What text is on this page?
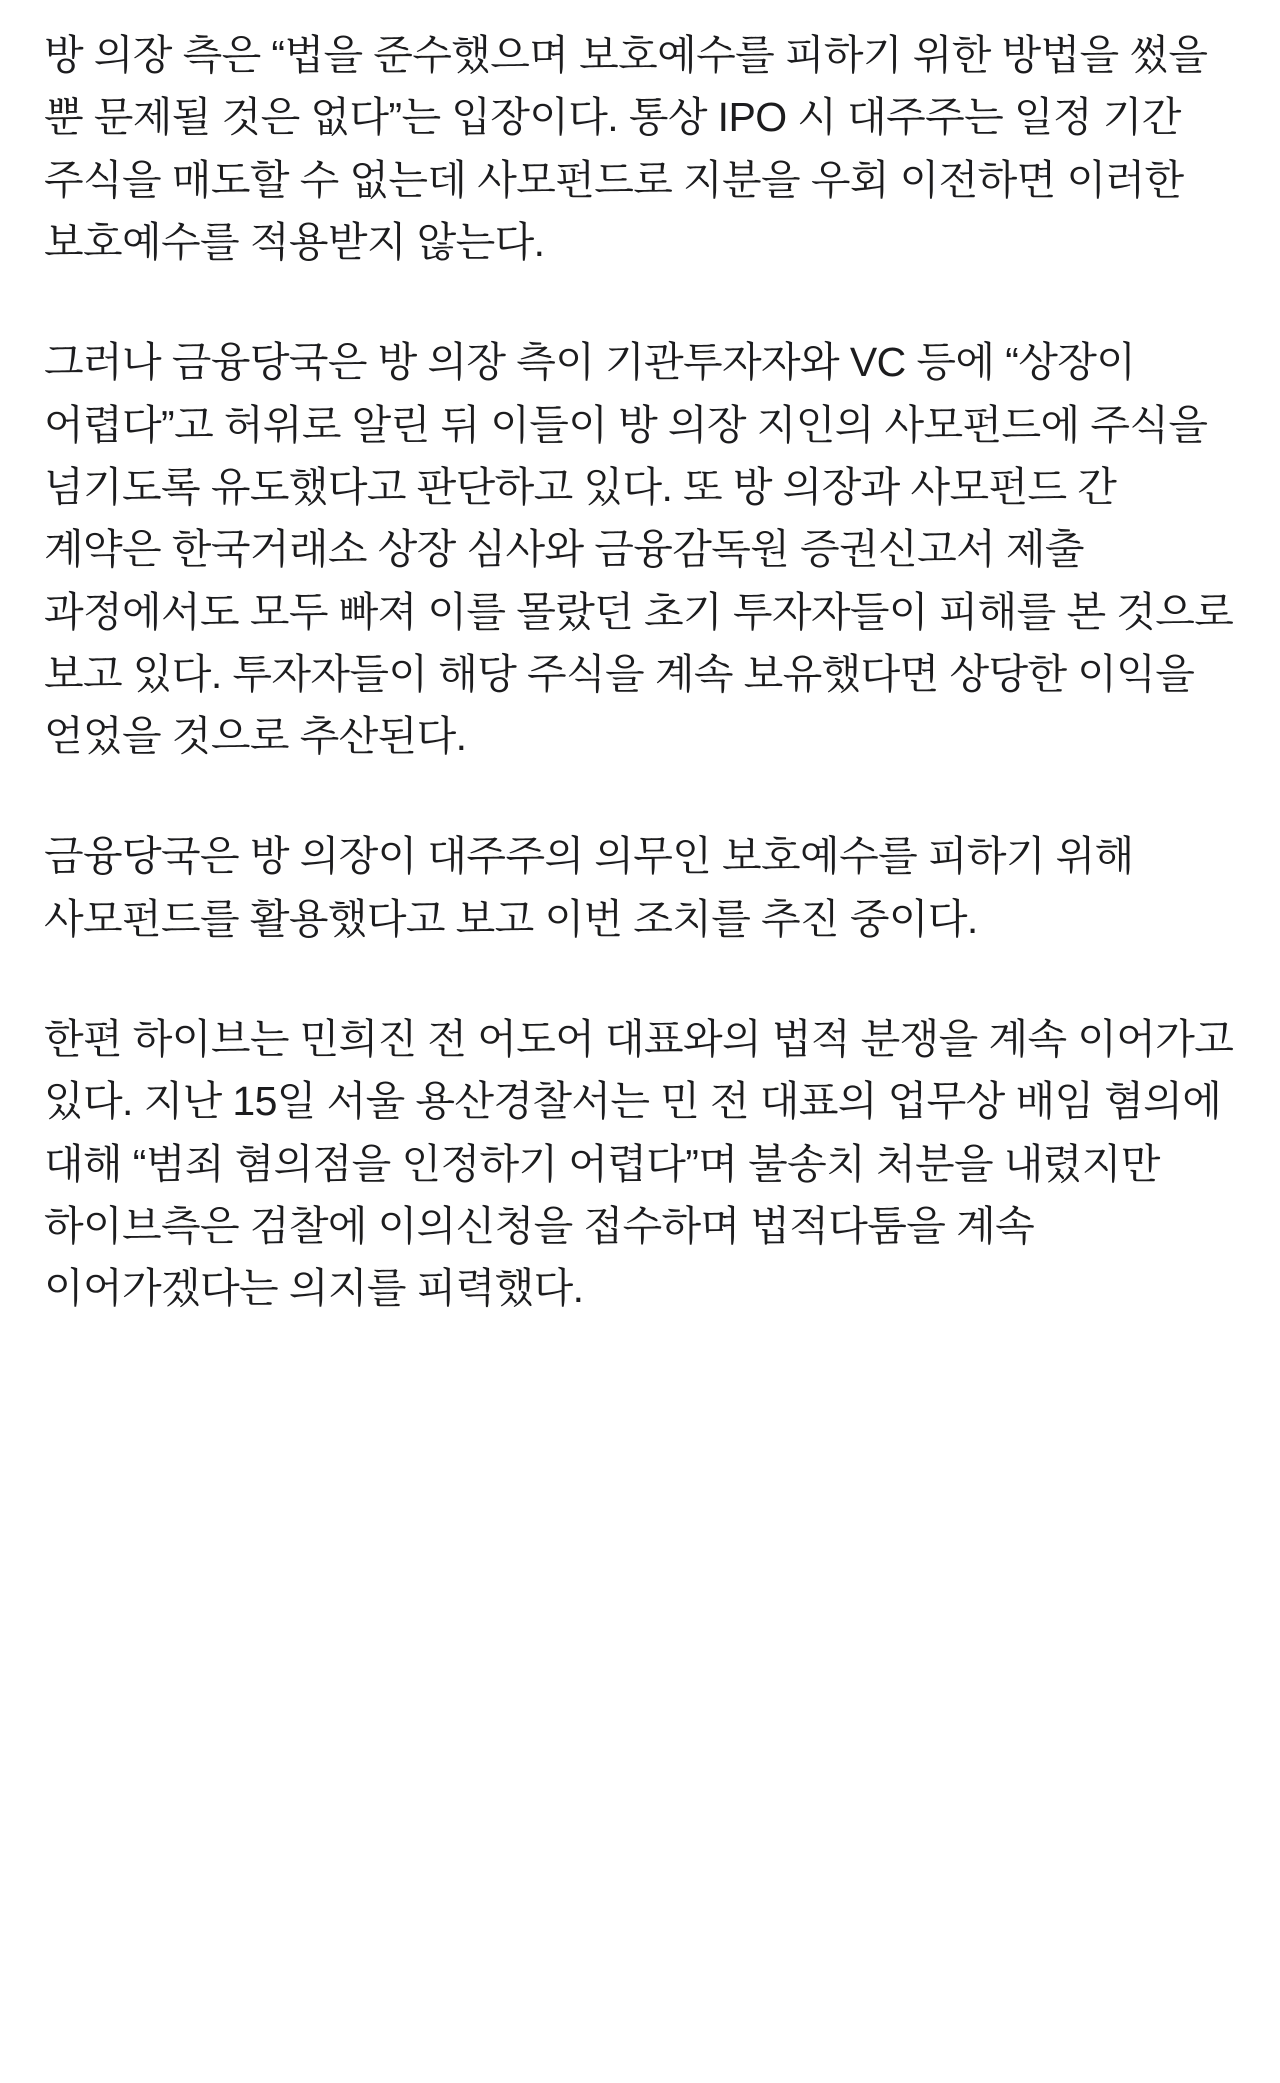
방 의장 측은 “법을 준수했으며 보호예수를 피하기 위한 방법을 썼을 뿐 문제될 것은 없다”는 입장이다. 통상 IPO 시 대주주는 일정 기간 주식을 매도할 수 없는데 사모펀드로 지분을 우회 이전하면 이러한 보호예수를 적용받지 않는다.

그러나 금융당국은 방 의장 측이 기관투자자와 VC 등에 “상장이 어렵다”고 허위로 알린 뒤 이들이 방 의장 지인의 사모펀드에 주식을 넘기도록 유도했다고 판단하고 있다. 또 방 의장과 사모펀드 간 계약은 한국거래소 상장 심사와 금융감독원 증권신고서 제출 과정에서도 모두 빠져 이를 몰랐던 초기 투자자들이 피해를 본 것으로 보고 있다. 투자자들이 해당 주식을 계속 보유했다면 상당한 이익을 얻었을 것으로 추산된다.

금융당국은 방 의장이 대주주의 의무인 보호예수를 피하기 위해 사모펀드를 활용했다고 보고 이번 조치를 추진 중이다.

한편 하이브는 민희진 전 어도어 대표와의 법적 분쟁을 계속 이어가고 있다. 지난 15일 서울 용산경찰서는 민 전 대표의 업무상 배임 혐의에 대해 “범죄 혐의점을 인정하기 어렵다”며 불송치 처분을 내렸지만 하이브측은 검찰에 이의신청을 접수하며 법적다툼을 계속 이어가겠다는 의지를 피력했다.
